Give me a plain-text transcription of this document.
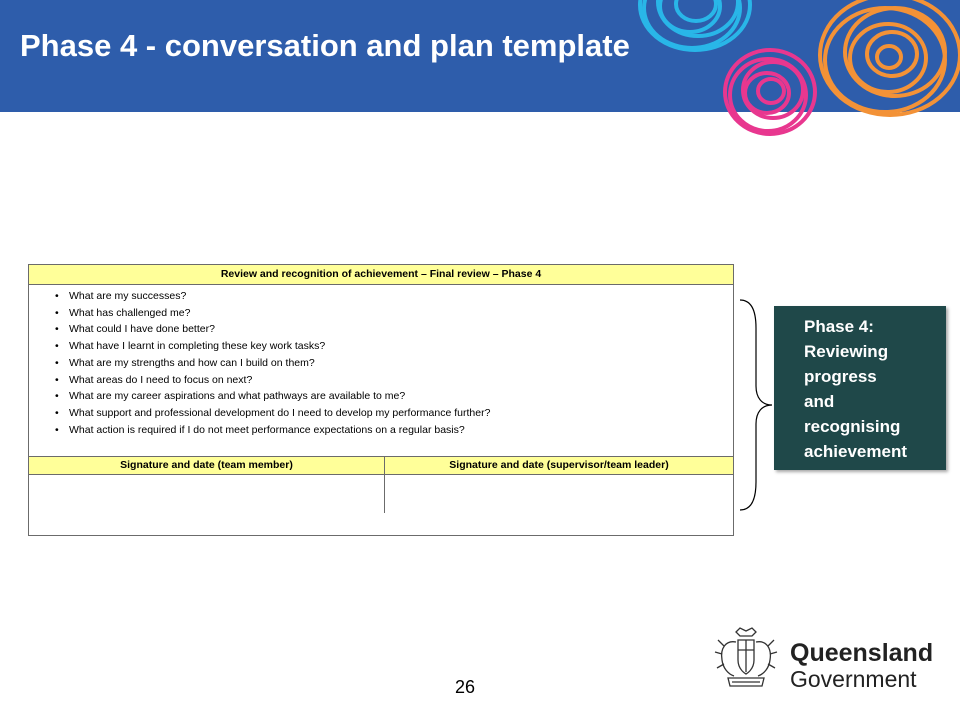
Phase 4 - conversation and plan template
Review and recognition of achievement – Final review – Phase 4
• What are my successes?
• What has challenged me?
• What could I have done better?
• What have I learnt in completing these key work tasks?
• What are my strengths and how can I build on them?
• What areas do I need to focus on next?
• What are my career aspirations and what pathways are available to me?
• What support and professional development do I need to develop my performance further?
• What action is required if I do not meet performance expectations on a regular basis?
Signature and date (team member)	Signature and date (supervisor/team leader)
Phase 4:
Reviewing
progress
and
recognising
achievement
26
Queensland
Government
